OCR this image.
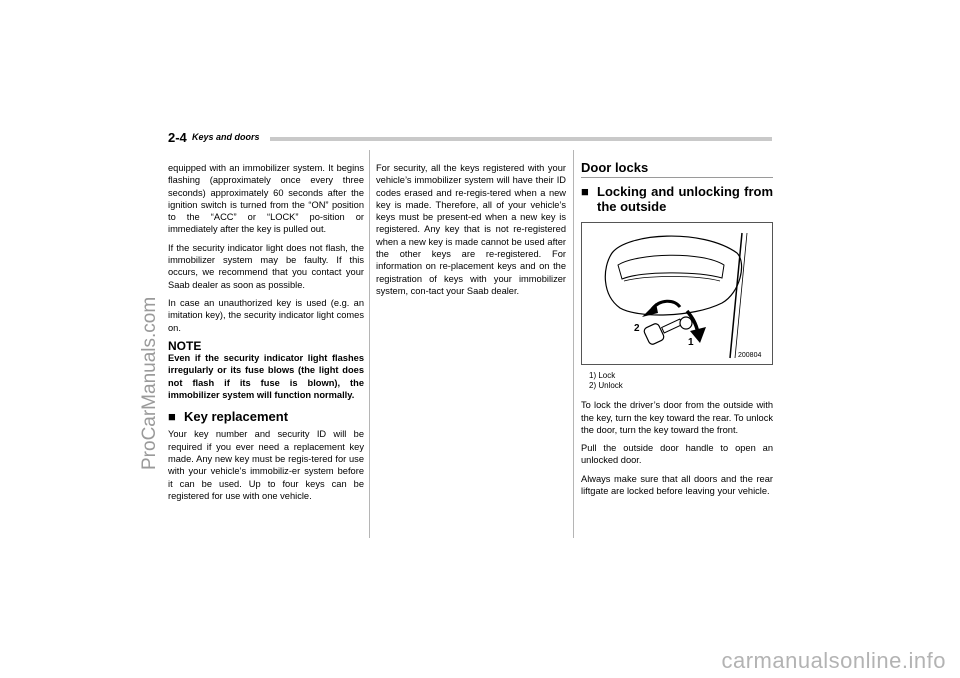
2-4 Keys and doors

equipped with an immobilizer system. It begins flashing (approximately once every three seconds) approximately 60 seconds after the ignition switch is turned from the “ON” position to the “ACC” or “LOCK” po-sition or immediately after the key is pulled out.

If the security indicator light does not flash, the immobilizer system may be faulty. If this occurs, we recommend that you contact your Saab dealer as soon as possible.

In case an unauthorized key is used (e.g. an imitation key), the security indicator light comes on.

NOTE
Even if the security indicator light flashes irregularly or its fuse blows (the light does not flash if its fuse is blown), the immobilizer system will function normally.
■ Key replacement

Your key number and security ID will be required if you ever need a replacement key made. Any new key must be regis-tered for use with your vehicle’s immobiliz-er system before it can be used. Up to four keys can be registered for use with one vehicle.

For security, all the keys registered with your vehicle’s immobilizer system will have their ID codes erased and re-regis-tered when a new key is made. Therefore, all of your vehicle’s keys must be present-ed when a new key is registered. Any key that is not re-registered when a new key is made cannot be used after the other keys are re-registered. For information on re-placement keys and on the registration of keys with your immobilizer system, con-tact your Saab dealer.

Door locks
■ Locking and unlocking from the outside
2
1
200804
1) Lock
2) Unlock

To lock the driver’s door from the outside with the key, turn the key toward the rear. To unlock the door, turn the key toward the front.

Pull the outside door handle to open an unlocked door.

Always make sure that all doors and the rear liftgate are locked before leaving your vehicle.

ProCarManuals.com
carmanualsonline.info
